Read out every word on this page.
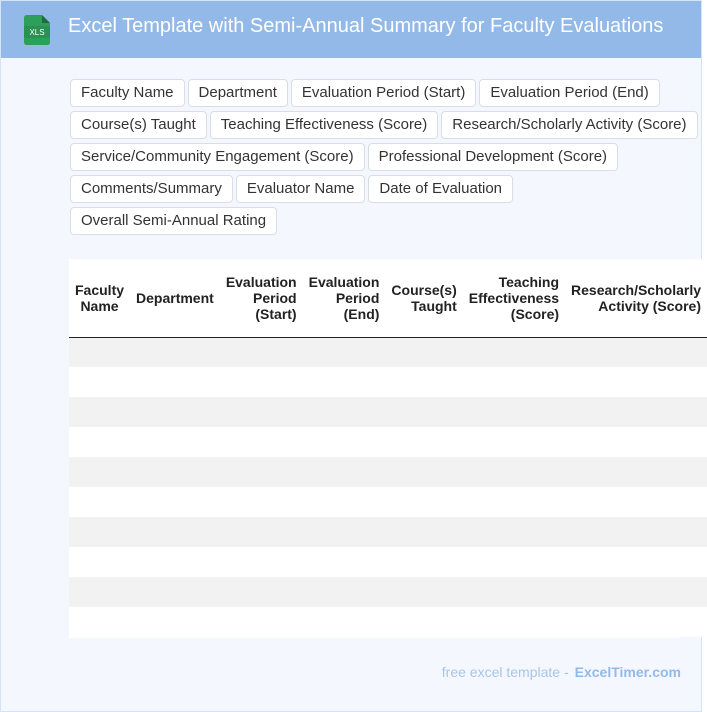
XLS Excel Template with Semi-Annual Summary for Faculty Evaluations
Faculty Name	Department	Evaluation Period (Start)	Evaluation Period (End)
Course(s) Taught	Teaching Effectiveness (Score)	Research/Scholarly Activity (Score)
Service/Community Engagement (Score)	Professional Development (Score)
Comments/Summary	Evaluator Name	Date of Evaluation
Overall Semi-Annual Rating
Faculty Name	Department	Evaluation Period (Start)	Evaluation Period (End)	Course(s) Taught	Teaching Effectiveness (Score)	Research/Scholarly Activity (Score)

free excel template - ExcelTimer.com
